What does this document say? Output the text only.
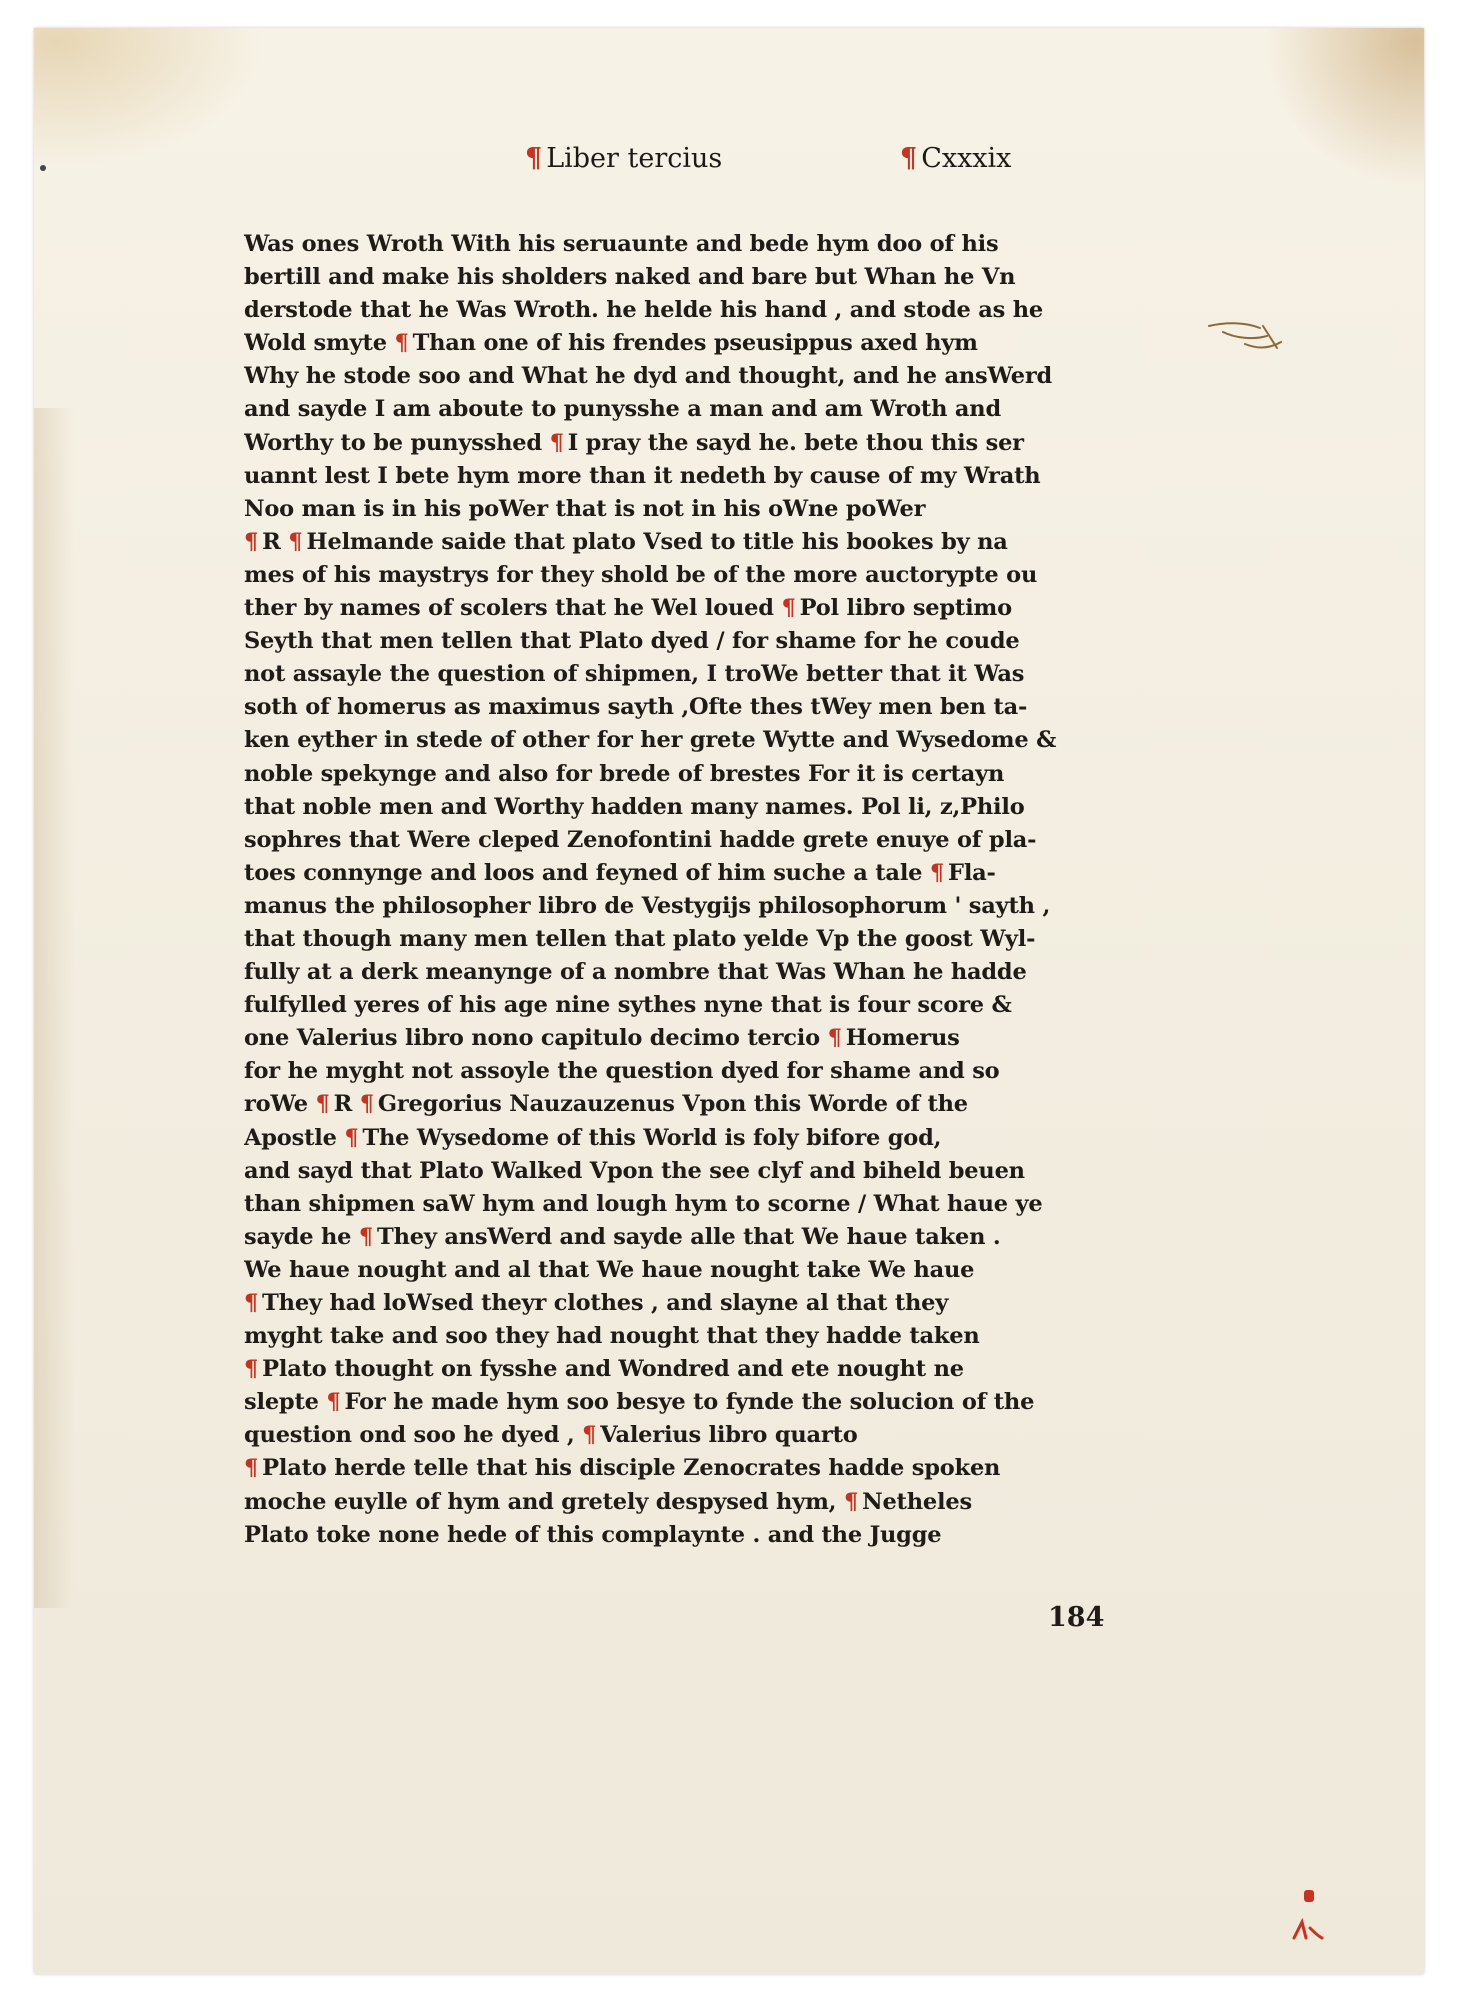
¶ Liber tercius	¶ Cxxxix
Was ones Wroth With his seruaunte and bede hym doo of his
bertill and make his sholders naked and bare but Whan he Vn
derstode that he Was Wroth. he helde his hand , and stode as he
Wold smyte ¶ Than one of his frendes pseusippus axed hym
Why he stode soo and What he dyd and thought, and he ansWerd
and sayde I am aboute to punysshe a man and am Wroth and
Worthy to be punysshed ¶ I pray the sayd he. bete thou this ser
uannt lest I bete hym more than it nedeth by cause of my Wrath
Noo man is in his poWer that is not in his oWne poWer
¶ R ¶ Helmande saide that plato Vsed to title his bookes by na
mes of his maystrys for they shold be of the more auctorypte ou
ther by names of scolers that he Wel loued ¶ Pol libro septimo
Seyth that men tellen that Plato dyed / for shame for he coude
not assayle the question of shipmen, I troWe better that it Was
soth of homerus as maximus sayth ,Ofte thes tWey men ben ta-
ken eyther in stede of other for her grete Wytte and Wysedome &
noble spekynge and also for brede of brestes For it is certayn
that noble men and Worthy hadden many names. Pol li, z,Philo
sophres that Were cleped Zenofontini hadde grete enuye of pla-
toes connynge and loos and feyned of him suche a tale ¶ Fla-
manus the philosopher libro de Vestygijs philosophorum ' sayth ,
that though many men tellen that plato yelde Vp the goost Wyl-
fully at a derk meanynge of a nombre that Was Whan he hadde
fulfylled yeres of his age nine sythes nyne that is four score &
one Valerius libro nono capitulo decimo tercio ¶ Homerus
for he myght not assoyle the question dyed for shame and so
roWe ¶ R ¶ Gregorius Nauzauzenus Vpon this Worde of the
Apostle ¶ The Wysedome of this World is foly bifore god,
and sayd that Plato Walked Vpon the see clyf and biheld beuen
than shipmen saW hym and lough hym to scorne / What haue ye
sayde he ¶ They ansWerd and sayde alle that We haue taken .
We haue nought and al that We haue nought take We haue
¶ They had loWsed theyr clothes , and slayne al that they
myght take and soo they had nought that they hadde taken
¶ Plato thought on fysshe and Wondred and ete nought ne
slepte ¶ For he made hym soo besye to fynde the solucion of the
question ond soo he dyed , ¶ Valerius libro quarto
¶ Plato herde telle that his disciple Zenocrates hadde spoken
moche euylle of hym and gretely despysed hym, ¶ Netheles
Plato toke none hede of this complaynte . and the Jugge
184
